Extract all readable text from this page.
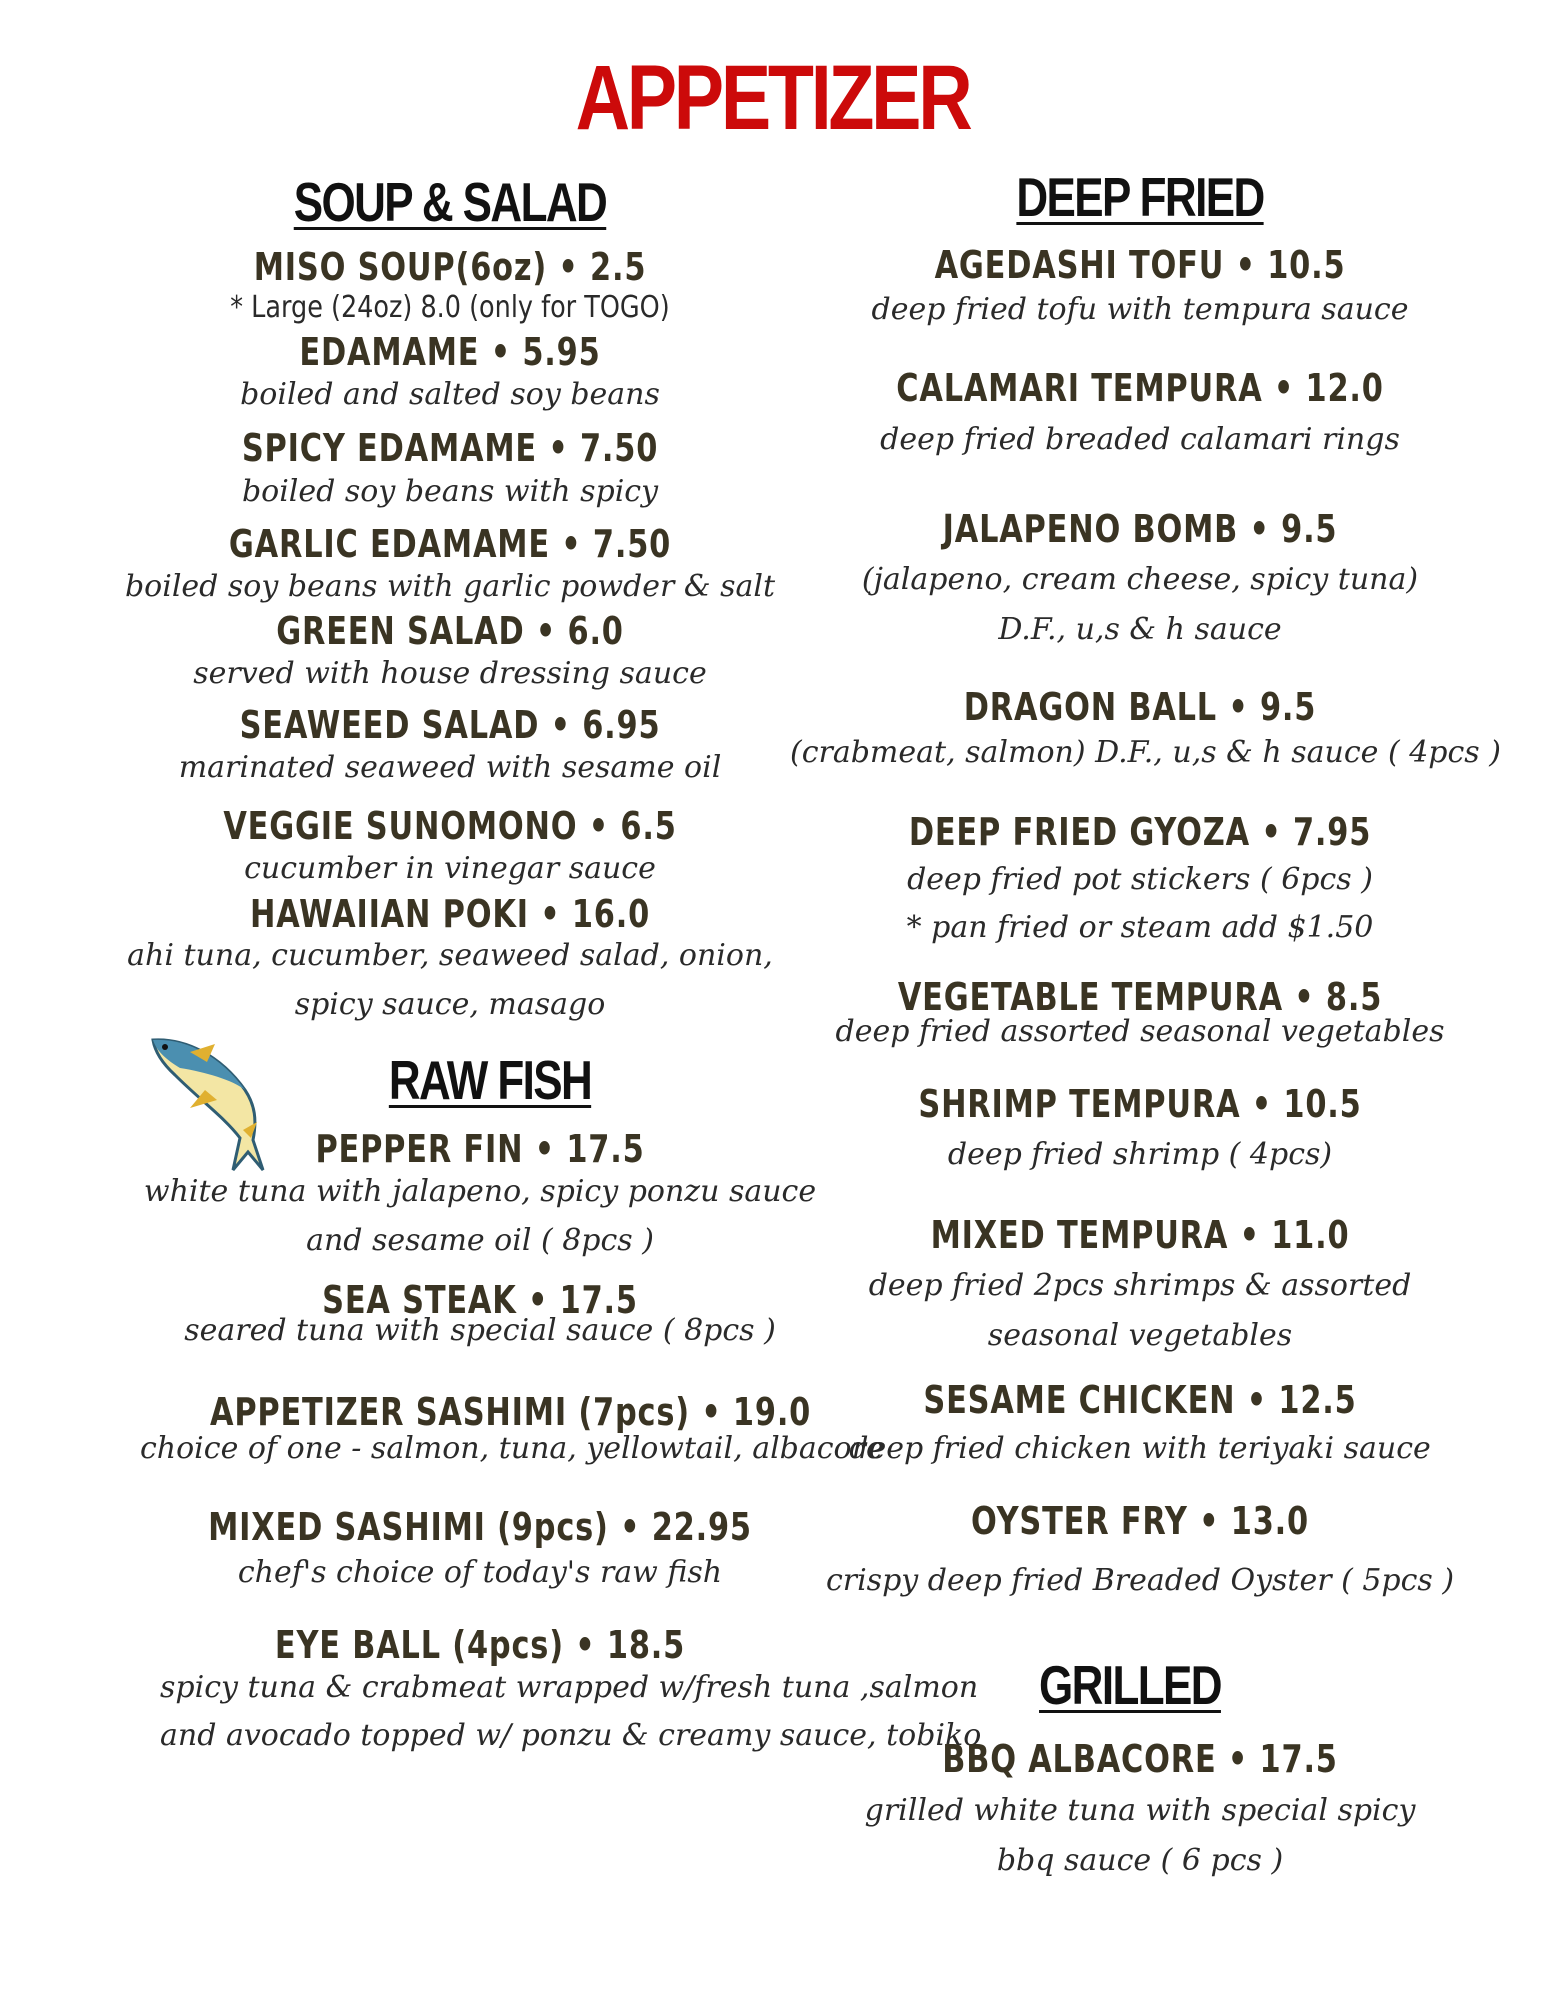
APPETIZER
SOUP & SALAD
MISO SOUP(6oz) • 2.5
* Large (24oz) 8.0 (only for TOGO)
EDAMAME • 5.95
boiled and salted soy beans
SPICY EDAMAME • 7.50
boiled soy beans with spicy
GARLIC EDAMAME • 7.50
boiled soy beans with garlic powder & salt
GREEN SALAD • 6.0
served with house dressing sauce
SEAWEED SALAD • 6.95
marinated seaweed with sesame oil
VEGGIE SUNOMONO • 6.5
cucumber in vinegar sauce
HAWAIIAN POKI • 16.0
ahi tuna, cucumber, seaweed salad, onion,
spicy sauce, masago
RAW FISH
PEPPER FIN • 17.5
white tuna with jalapeno, spicy ponzu sauce
and sesame oil ( 8pcs )
SEA STEAK • 17.5
seared tuna with special sauce ( 8pcs )
APPETIZER SASHIMI (7pcs) • 19.0
choice of one - salmon, tuna, yellowtail, albacore
MIXED SASHIMI (9pcs) • 22.95
chef's choice of today's raw fish
EYE BALL (4pcs) • 18.5
spicy tuna & crabmeat wrapped w/fresh tuna ,salmon
and avocado topped w/ ponzu & creamy sauce, tobiko
DEEP FRIED
AGEDASHI TOFU • 10.5
deep fried tofu with tempura sauce
CALAMARI TEMPURA • 12.0
deep fried breaded calamari rings
JALAPENO BOMB • 9.5
(jalapeno, cream cheese, spicy tuna)
D.F., u,s & h sauce
DRAGON BALL • 9.5
(crabmeat, salmon) D.F., u,s & h sauce ( 4pcs )
DEEP FRIED GYOZA • 7.95
deep fried pot stickers ( 6pcs )
* pan fried or steam add $1.50
VEGETABLE TEMPURA • 8.5
deep fried assorted seasonal vegetables
SHRIMP TEMPURA • 10.5
deep fried shrimp ( 4pcs)
MIXED TEMPURA • 11.0
deep fried 2pcs shrimps & assorted
seasonal vegetables
SESAME CHICKEN • 12.5
deep fried chicken with teriyaki sauce
OYSTER FRY • 13.0
crispy deep fried Breaded Oyster ( 5pcs )
GRILLED
BBQ ALBACORE • 17.5
grilled white tuna with special spicy
bbq sauce ( 6 pcs )
